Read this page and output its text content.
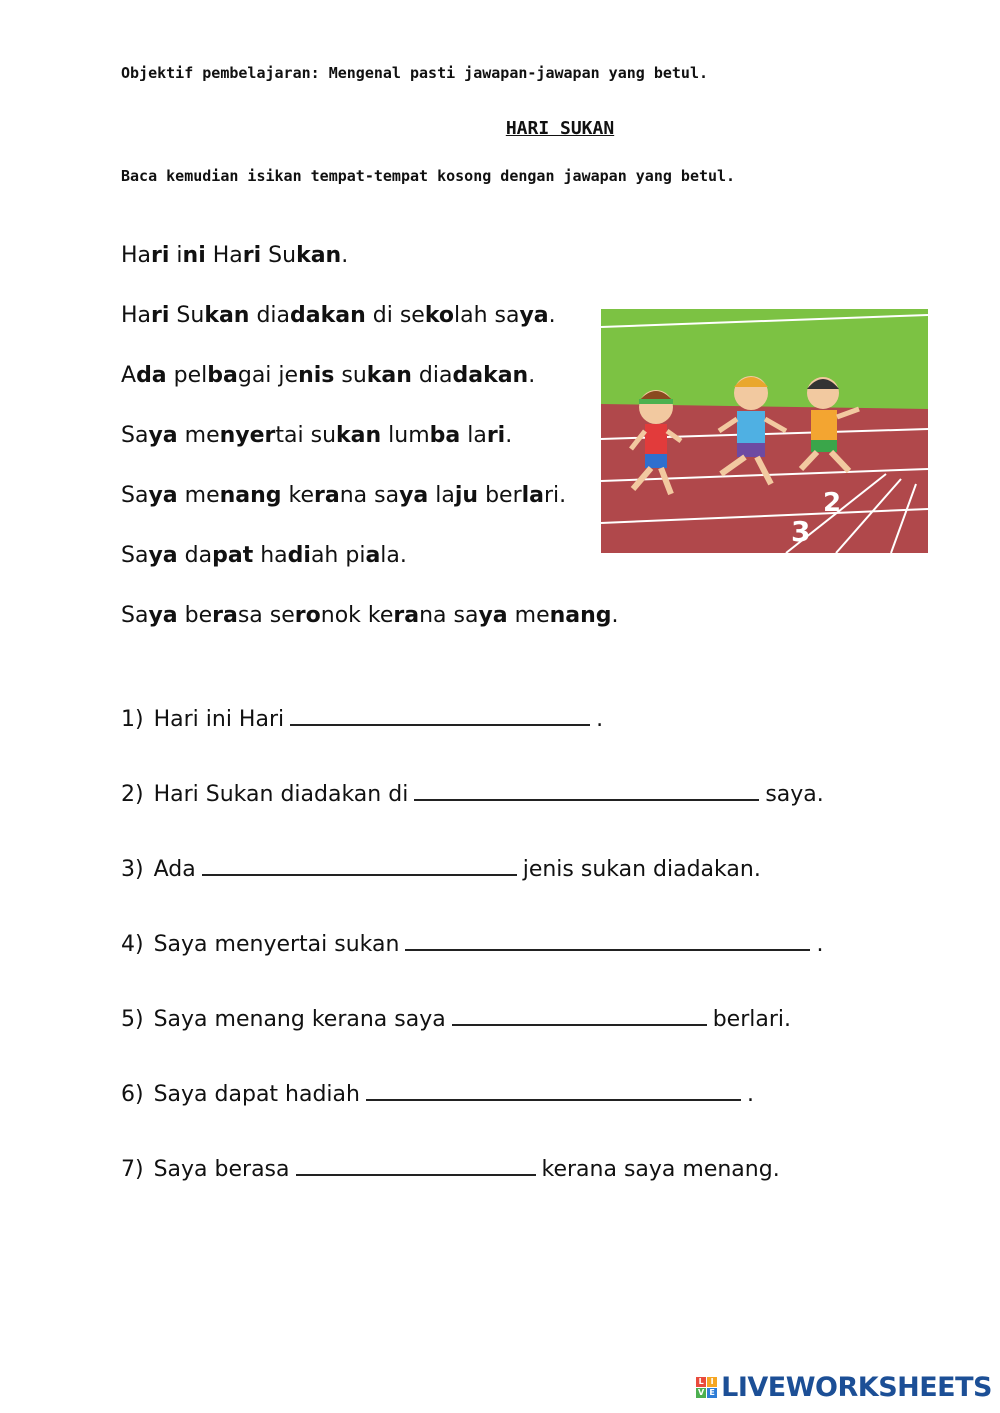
Objektif pembelajaran: Mengenal pasti jawapan-jawapan yang betul.
HARI SUKAN
Baca kemudian isikan tempat-tempat kosong dengan jawapan yang betul.
Hari ini Hari Sukan.
Hari Sukan diadakan di sekolah saya.
Ada pelbagai jenis sukan diadakan.
Saya menyertai sukan lumba lari.
Saya menang kerana saya laju berlari.
Saya dapat hadiah piala.
Saya berasa seronok kerana saya menang.
2
3
1) Hari ini Hari	.
2) Hari Sukan diadakan di	saya.
3) Ada	jenis sukan diadakan.
4) Saya menyertai sukan	.
5) Saya menang kerana saya	berlari.
6) Saya dapat hadiah	.
7) Saya berasa	kerana saya menang.
L I
V E LIVEWORKSHEETS
